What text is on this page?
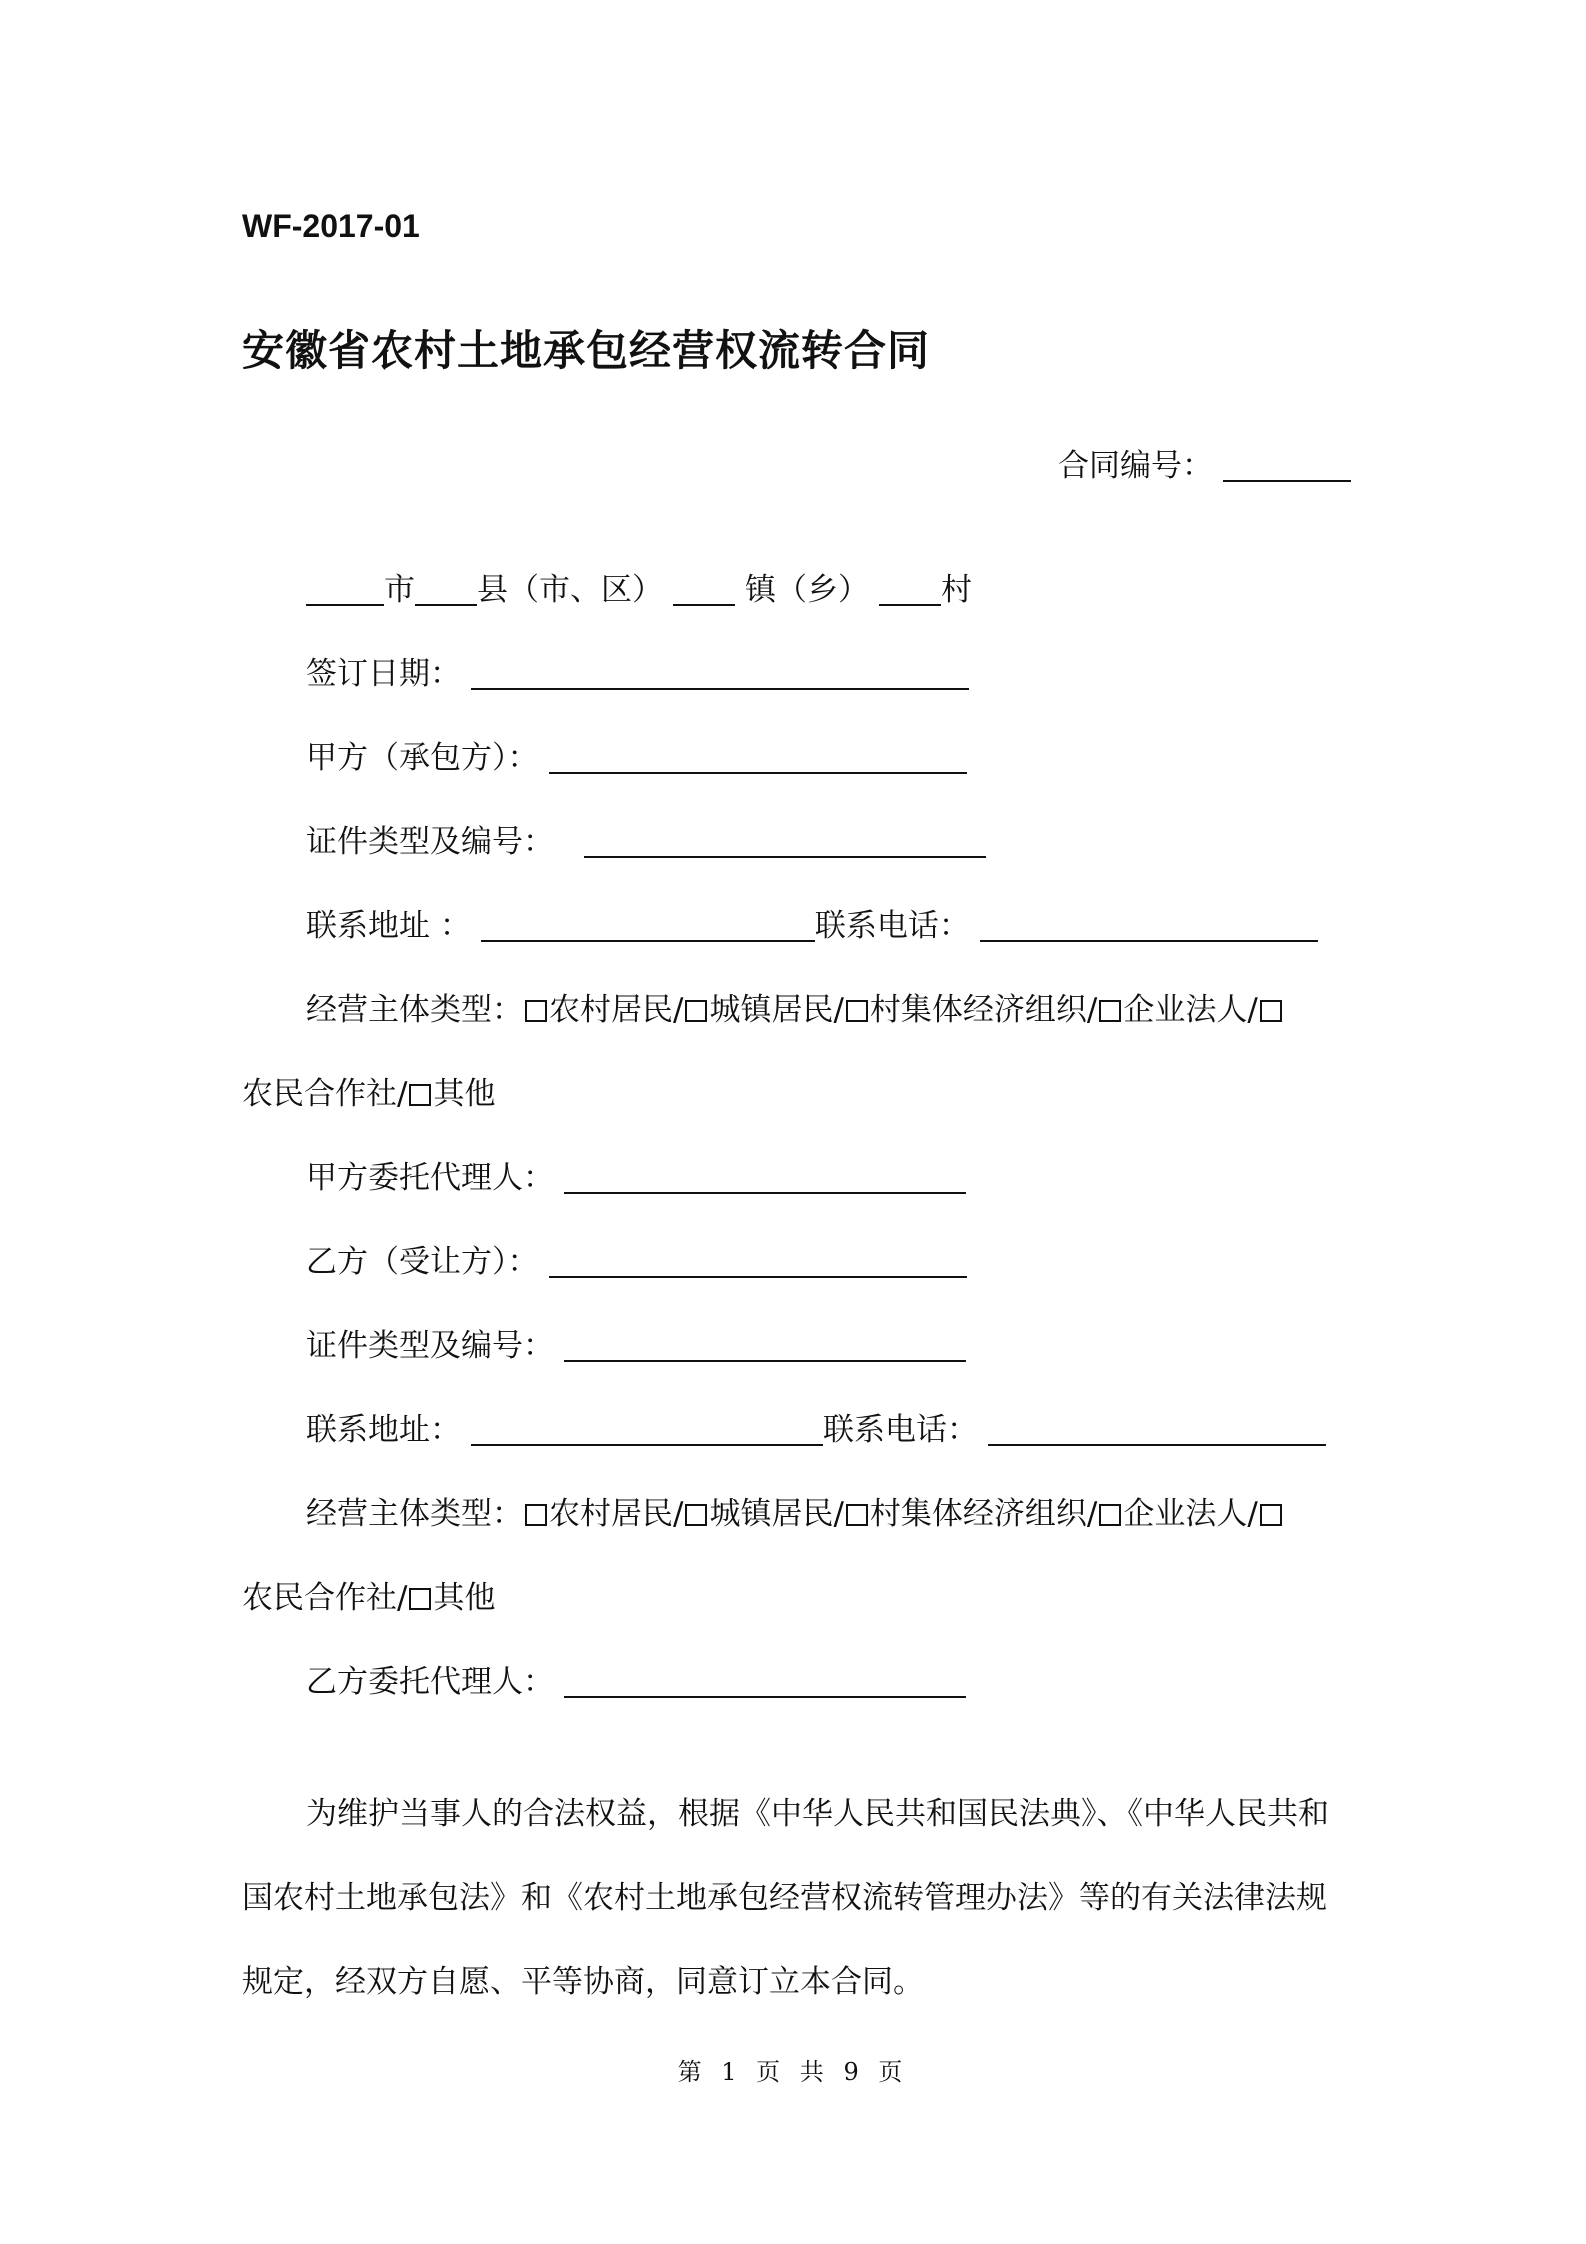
WF-2017-01
安徽省农村土地承包经营权流转合同
合同编号：
市 县（市、区）	镇（乡） 村
签订日期：
甲方（承包方）：
证件类型及编号：
联系地址 ：	联系电话：
经营主体类型： 农村居民/ 城镇居民/ 村集体经济组织/ 企业法人/
农民合作社/ 其他
甲方委托代理人：
乙方（受让方）：
证件类型及编号：
联系地址：	联系电话：
经营主体类型： 农村居民/ 城镇居民/ 村集体经济组织/ 企业法人/
农民合作社/ 其他
乙方委托代理人：
为维护当事人的合法权益，根据《中华人民共和国民法典》、《中华人民共和
国农村土地承包法》和《农村土地承包经营权流转管理办法》等的有关法律法规
规定，经双方自愿、平等协商，同意订立本合同。
第 1 页 共 9 页
